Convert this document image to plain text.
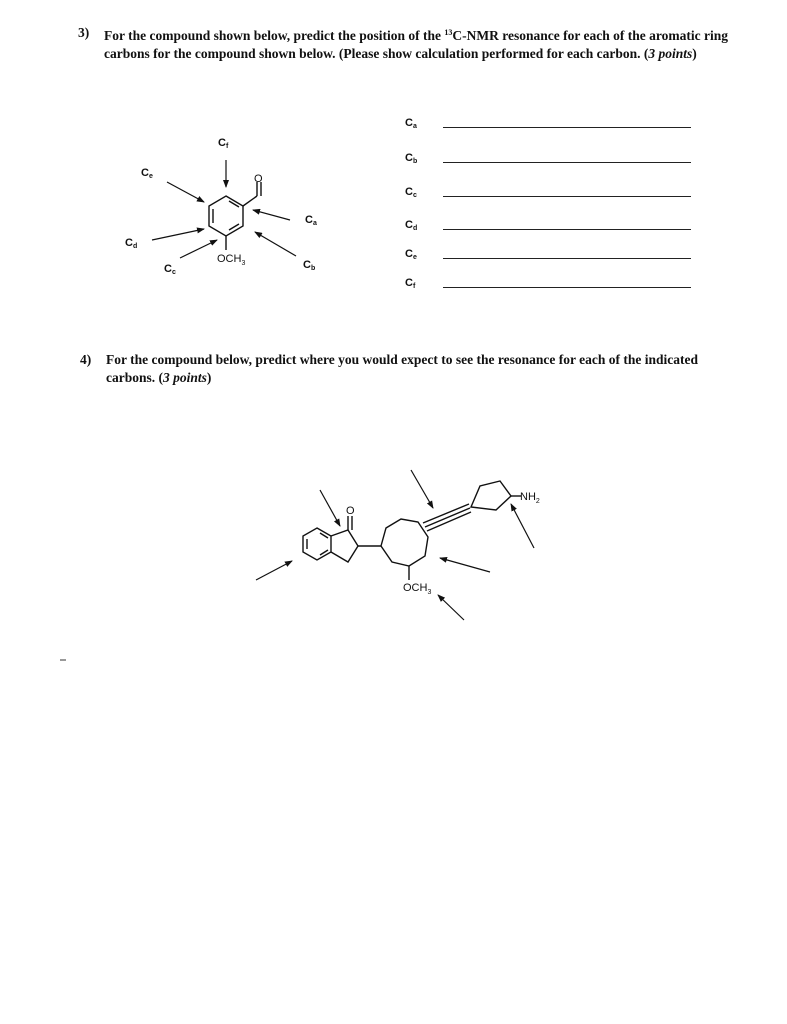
3) For the compound shown below, predict the position of the $^{13}$C-NMR resonance for each of the aromatic ring carbons for the compound shown below. (Please show calculation performed for each carbon. (3 points)
O
$OCH_3$
Cf
Ce
Ca
Cd
Cc
Cb
O
$OCH_3$
$NH_2$
Ca
Cb
Cc
Cd
Ce
Cf
4) For the compound below, predict where you would expect to see the resonance for each of the indicated carbons. (3 points)
